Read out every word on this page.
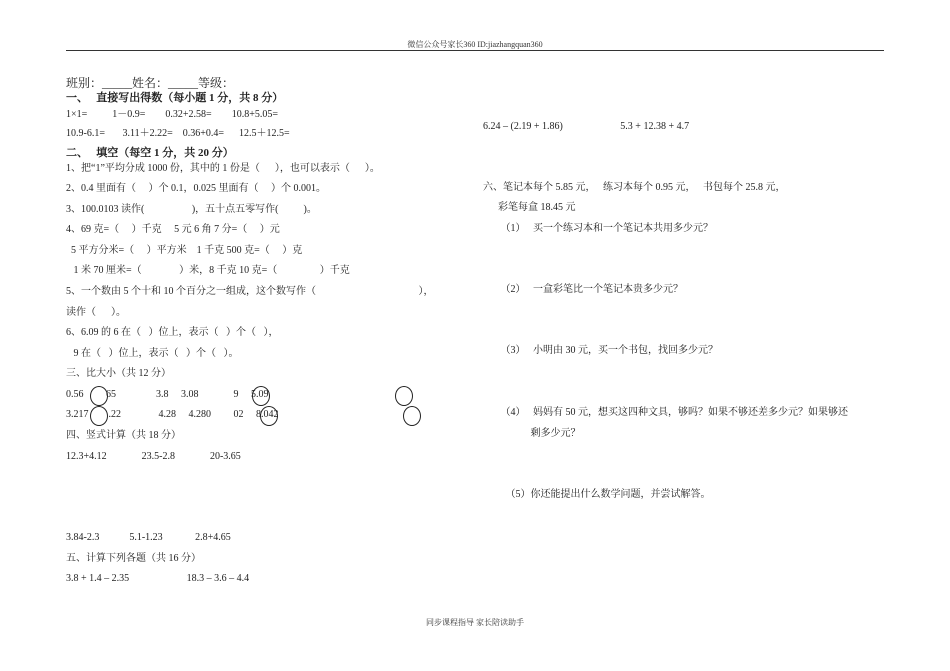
微信公众号家长360 ID:jiazhangquan360
班别：_____姓名：_____等级：
一、   直接写出得数（每小题 1 分，共 8 分）
1×1=          1－0.9=        0.32+2.58=        10.8+5.05=
10.9-6.1=       3.11＋2.22=    0.36+0.4=      12.5＋12.5=
二、   填空（每空 1 分，共 20 分）
1、把“1”平均分成 1000 份，其中的 1 份是（      ），也可以表示（      ）。
2、0.4 里面有（     ）个 0.1，0.025 里面有（     ）个 0.001。
3、100.0103 读作(                   )，五十点五零写作(          )。
4、69 克=（     ）千克     5 元 6 角 7 分=（     ）元
5 平方分米=（     ）平方米    1 千克 500 克=（     ）克
1 米 70 厘米=（               ）米，8 千克 10 克=（                 ）千克
5、一个数由 5 个十和 10 个百分之一组成，这个数写作（                                         ），
读作（      ）。
6、6.09 的 6 在（   ）位上，表示（   ）个（   ），
9 在（   ）位上，表示（   ）个（   ）。
三、比大小（共 12 分）
0.56         65                3.8     3.08              9     5.09
3.217        .22               4.28     4.280         02     8.042
四、竖式计算（共 18 分）
12.3+4.12              23.5-2.8              20-3.65
3.84-2.3            5.1-1.23             2.8+4.65
五、计算下列各题（共 16 分）
3.8 + 1.4 – 2.35                       18.3 – 3.6 – 4.4
6.24 – (2.19 + 1.86)                       5.3 + 12.38 + 4.7
六、笔记本每个 5.85 元，   练习本每个 0.95 元，   书包每个 25.8 元，
彩笔每盒 18.45 元
（1）   买一个练习本和一个笔记本共用多少元？
（2）   一盒彩笔比一个笔记本贵多少元？
（3）   小明由 30 元，买一个书包，找回多少元？
（4）   妈妈有 50 元，想买这四种文具，够吗？如果不够还差多少元？如果够还
剩多少元？
（5）你还能提出什么数学问题，并尝试解答。
同步课程指导 家长陪读助手
